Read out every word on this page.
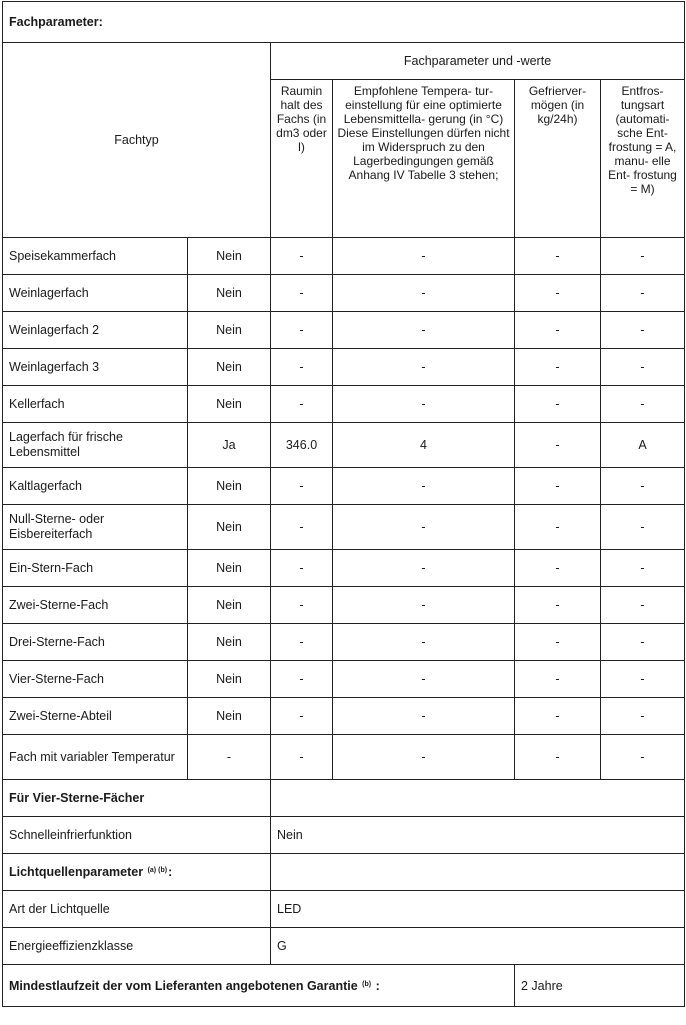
Fachparameter:					
Fachtyp		Fachparameter und -werte			
		Raumin halt des Fachs (in dm3 oder l)	Empfohlene Tempera- tur-einstellung für eine optimierte Lebensmittella- gerung (in °C) Diese Einstellungen dürfen nicht im Widerspruch zu den Lagerbedingungen gemäß Anhang IV Tabelle 3 stehen;	Gefrierver- mögen (in kg/24h)	Entfros- tungsart (automati- sche Ent- frostung = A, manu- elle Ent- frostung = M)
Speisekammerfach	Nein	-	-	-	-
Weinlagerfach	Nein	-	-	-	-
Weinlagerfach 2	Nein	-	-	-	-
Weinlagerfach 3	Nein	-	-	-	-
Kellerfach	Nein	-	-	-	-
Lagerfach für frische Lebensmittel	Ja	346.0	4	-	A
Kaltlagerfach	Nein	-	-	-	-
Null-Sterne- oder Eisbereiterfach	Nein	-	-	-	-
Ein-Stern-Fach	Nein	-	-	-	-
Zwei-Sterne-Fach	Nein	-	-	-	-
Drei-Sterne-Fach	Nein	-	-	-	-
Vier-Sterne-Fach	Nein	-	-	-	-
Zwei-Sterne-Abteil	Nein	-	-	-	-
Fach mit variabler Temperatur	-	-	-	-	-
Für Vier-Sterne-Fächer					
Schnelleinfrierfunktion		Nein			
Lichtquellenparameter $^{(a)}$ $^{(b)}$:					
Art der Lichtquelle		LED			
Energieeffizienzklasse		G			
Mindestlaufzeit der vom Lieferanten angebotenen Garantie $^{(b)}$ :				2 Jahre	
